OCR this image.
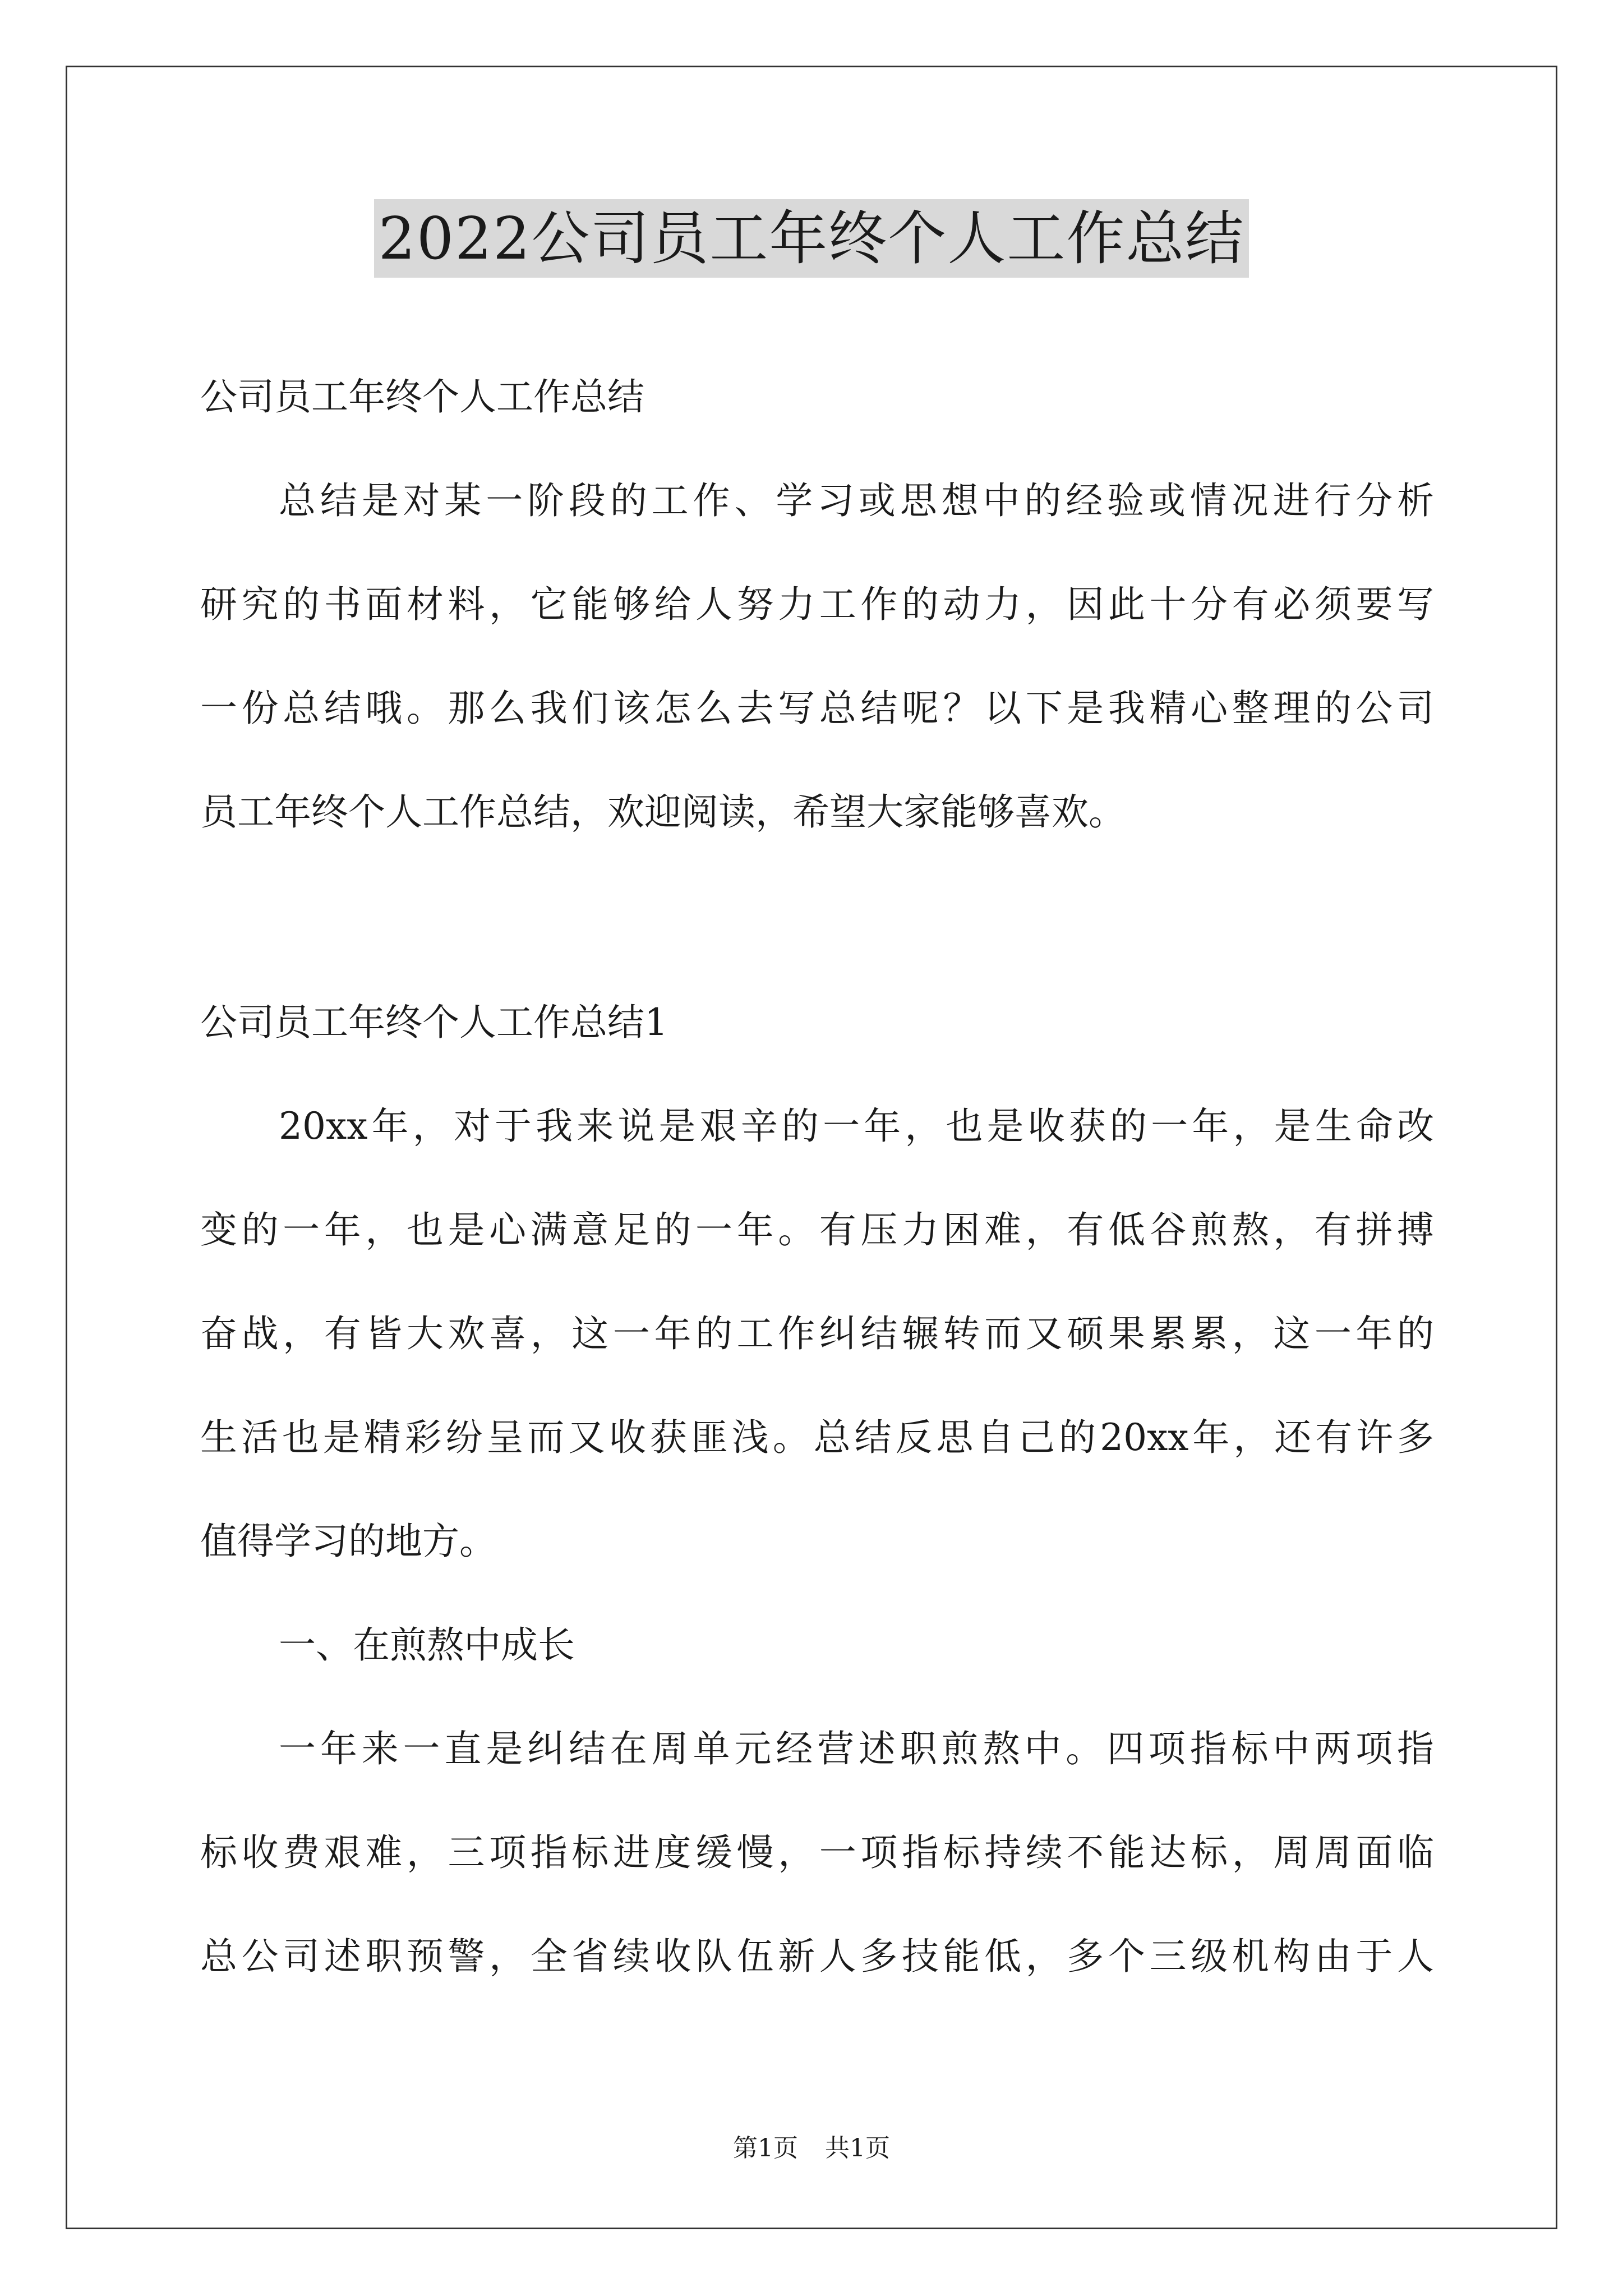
2022公司员工年终个人工作总结

公司员工年终个人工作总结

总结是对某一阶段的工作、学习或思想中的经验或情况进行分析

研究的书面材料，它能够给人努力工作的动力，因此十分有必须要写

一份总结哦。那么我们该怎么去写总结呢？以下是我精心整理的公司

员工年终个人工作总结，欢迎阅读，希望大家能够喜欢。

公司员工年终个人工作总结1

20xx年，对于我来说是艰辛的一年，也是收获的一年，是生命改

变的一年，也是心满意足的一年。有压力困难，有低谷煎熬，有拼搏

奋战，有皆大欢喜，这一年的工作纠结辗转而又硕果累累，这一年的

生活也是精彩纷呈而又收获匪浅。总结反思自己的20xx年，还有许多

值得学习的地方。

一、在煎熬中成长

一年来一直是纠结在周单元经营述职煎熬中。四项指标中两项指

标收费艰难，三项指标进度缓慢，一项指标持续不能达标，周周面临

总公司述职预警，全省续收队伍新人多技能低，多个三级机构由于人

第1页 共1页
